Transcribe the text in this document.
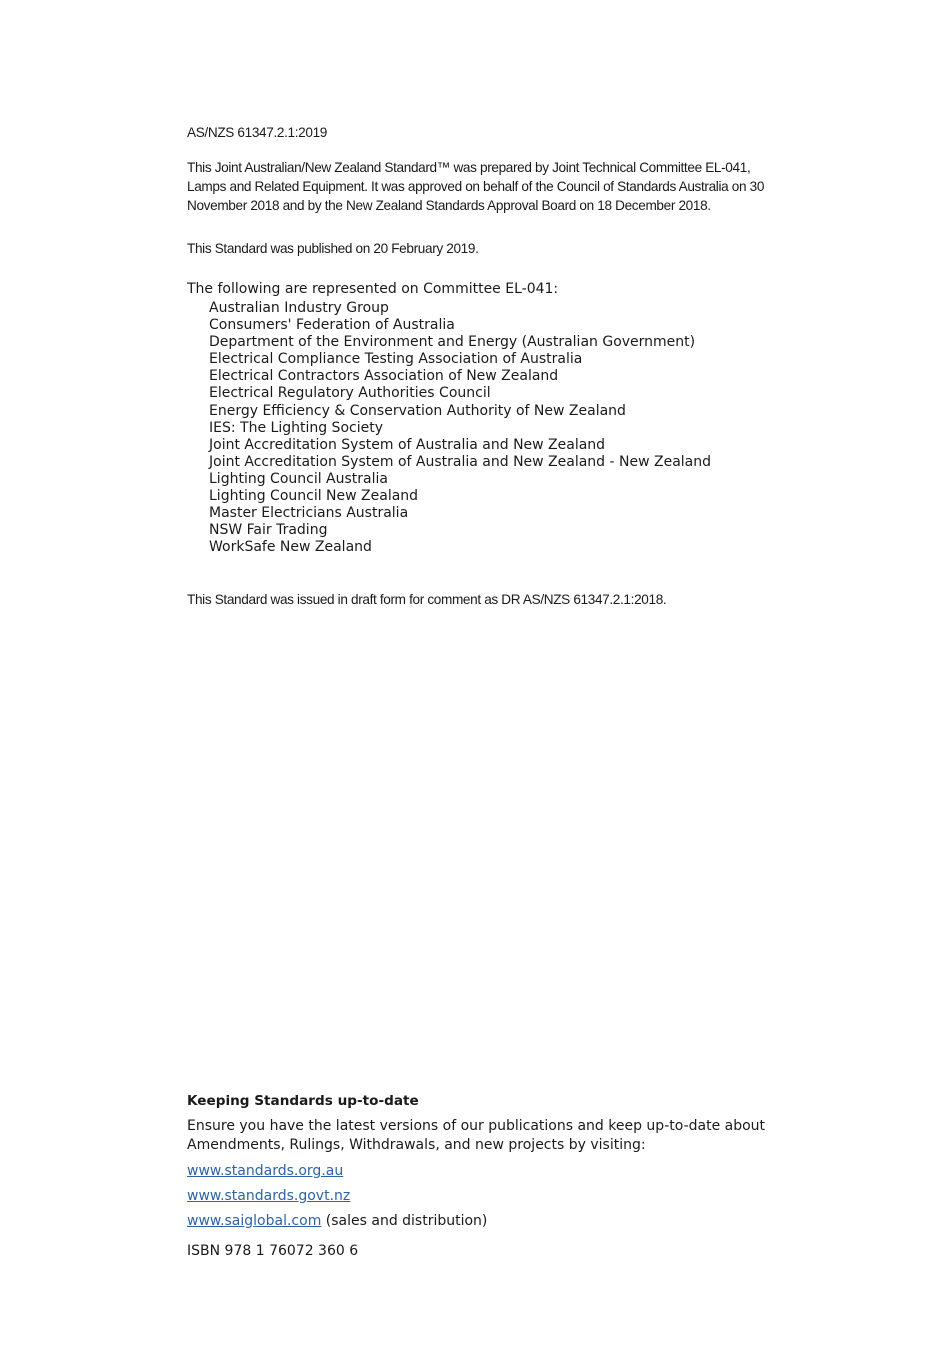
AS/NZS 61347.2.1:2019

This Joint Australian/New Zealand Standard™ was prepared by Joint Technical Committee EL-041, Lamps and Related Equipment. It was approved on behalf of the Council of Standards Australia on 30 November 2018 and by the New Zealand Standards Approval Board on 18 December 2018.

This Standard was published on 20 February 2019.

The following are represented on Committee EL-041:

Australian Industry Group
Consumers' Federation of Australia
Department of the Environment and Energy (Australian Government)
Electrical Compliance Testing Association of Australia
Electrical Contractors Association of New Zealand
Electrical Regulatory Authorities Council
Energy Efficiency & Conservation Authority of New Zealand
IES: The Lighting Society
Joint Accreditation System of Australia and New Zealand
Joint Accreditation System of Australia and New Zealand - New Zealand
Lighting Council Australia
Lighting Council New Zealand
Master Electricians Australia
NSW Fair Trading
WorkSafe New Zealand

This Standard was issued in draft form for comment as DR AS/NZS 61347.2.1:2018.

Keeping Standards up-to-date

Ensure you have the latest versions of our publications and keep up-to-date about Amendments, Rulings, Withdrawals, and new projects by visiting:

www.standards.org.au

www.standards.govt.nz

www.saiglobal.com (sales and distribution)

ISBN 978 1 76072 360 6
